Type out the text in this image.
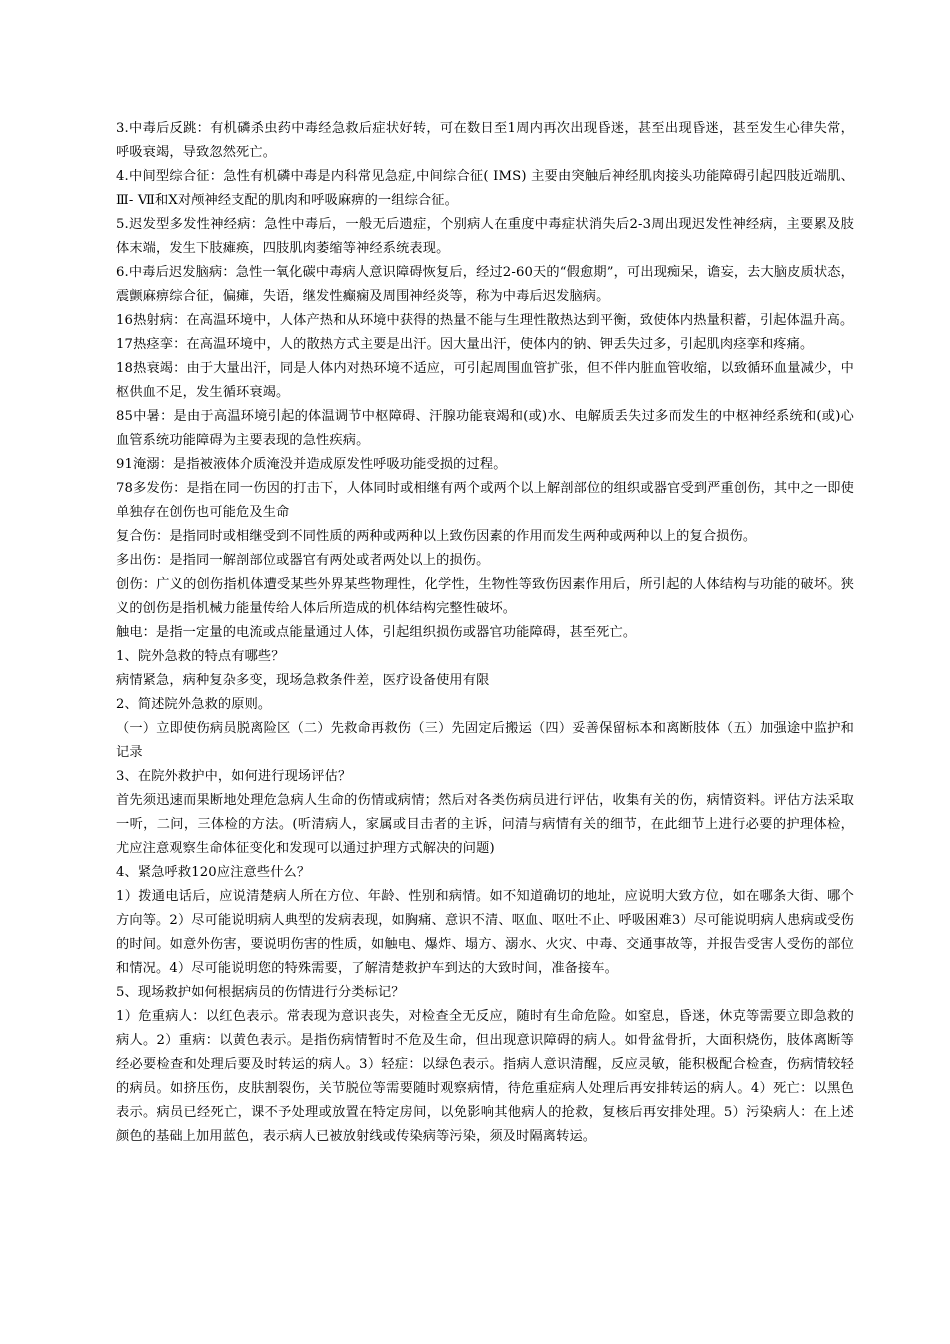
3.中毒后反跳：有机磷杀虫药中毒经急救后症状好转，可在数日至1周内再次出现昏迷，甚至出现昏迷，甚至发生心律失常，呼吸衰竭，导致忽然死亡。

4.中间型综合征：急性有机磷中毒是内科常见急症,中间综合征( IMS) 主要由突触后神经肌肉接头功能障碍引起四肢近端肌、Ⅲ- Ⅶ和Ⅹ对颅神经支配的肌肉和呼吸麻痹的一组综合征。

5.迟发型多发性神经病：急性中毒后，一般无后遗症，个别病人在重度中毒症状消失后2-3周出现迟发性神经病，主要累及肢体末端，发生下肢瘫痪，四肢肌肉萎缩等神经系统表现。

6.中毒后迟发脑病：急性一氧化碳中毒病人意识障碍恢复后，经过2-60天的“假愈期”，可出现痴呆，谵妄，去大脑皮质状态，震颤麻痹综合征，偏瘫，失语，继发性癫痫及周围神经炎等，称为中毒后迟发脑病。

16热射病：在高温环境中，人体产热和从环境中获得的热量不能与生理性散热达到平衡，致使体内热量积蓄，引起体温升高。

17热痉挛：在高温环境中，人的散热方式主要是出汗。因大量出汗，使体内的钠、钾丢失过多，引起肌肉痉挛和疼痛。

18热衰竭：由于大量出汗，同是人体内对热环境不适应，可引起周围血管扩张，但不伴内脏血管收缩，以致循环血量减少，中枢供血不足，发生循环衰竭。

85中暑：是由于高温环境引起的体温调节中枢障碍、汗腺功能衰竭和(或)水、电解质丢失过多而发生的中枢神经系统和(或)心血管系统功能障碍为主要表现的急性疾病。

91淹溺：是指被液体介质淹没并造成原发性呼吸功能受损的过程。

78多发伤：是指在同一伤因的打击下，人体同时或相继有两个或两个以上解剖部位的组织或器官受到严重创伤，其中之一即使单独存在创伤也可能危及生命

复合伤：是指同时或相继受到不同性质的两种或两种以上致伤因素的作用而发生两种或两种以上的复合损伤。

多出伤：是指同一解剖部位或器官有两处或者两处以上的损伤。

创伤：广义的创伤指机体遭受某些外界某些物理性，化学性，生物性等致伤因素作用后，所引起的人体结构与功能的破坏。狭义的创伤是指机械力能量传给人体后所造成的机体结构完整性破坏。

触电：是指一定量的电流或点能量通过人体，引起组织损伤或器官功能障碍，甚至死亡。

1、院外急救的特点有哪些？

病情紧急，病种复杂多变，现场急救条件差，医疗设备使用有限

2、简述院外急救的原则。

（一）立即使伤病员脱离险区（二）先救命再救伤（三）先固定后搬运（四）妥善保留标本和离断肢体（五）加强途中监护和记录

3、在院外救护中，如何进行现场评估？

首先须迅速而果断地处理危急病人生命的伤情或病情；然后对各类伤病员进行评估，收集有关的伤，病情资料。评估方法采取一听，二问，三体检的方法。(听清病人，家属或目击者的主诉，问清与病情有关的细节，在此细节上进行必要的护理体检，尤应注意观察生命体征变化和发现可以通过护理方式解决的问题)

4、紧急呼救120应注意些什么？

1）拨通电话后，应说清楚病人所在方位、年龄、性别和病情。如不知道确切的地址，应说明大致方位，如在哪条大街、哪个方向等。2）尽可能说明病人典型的发病表现，如胸痛、意识不清、呕血、呕吐不止、呼吸困难3）尽可能说明病人患病或受伤的时间。如意外伤害，要说明伤害的性质，如触电、爆炸、塌方、溺水、火灾、中毒、交通事故等，并报告受害人受伤的部位和情况。4）尽可能说明您的特殊需要，了解清楚救护车到达的大致时间，准备接车。

5、现场救护如何根据病员的伤情进行分类标记？

1）危重病人：以红色表示。常表现为意识丧失，对检查全无反应，随时有生命危险。如窒息，昏迷，休克等需要立即急救的病人。2）重病：以黄色表示。是指伤病情暂时不危及生命，但出现意识障碍的病人。如骨盆骨折，大面积烧伤，肢体离断等经必要检查和处理后要及时转运的病人。3）轻症：以绿色表示。指病人意识清醒，反应灵敏，能积极配合检查，伤病情较轻的病员。如挤压伤，皮肤割裂伤，关节脱位等需要随时观察病情，待危重症病人处理后再安排转运的病人。4）死亡：以黑色表示。病员已经死亡，课不予处理或放置在特定房间，以免影响其他病人的抢救，复核后再安排处理。5）污染病人：在上述颜色的基础上加用蓝色，表示病人已被放射线或传染病等污染，须及时隔离转运。
